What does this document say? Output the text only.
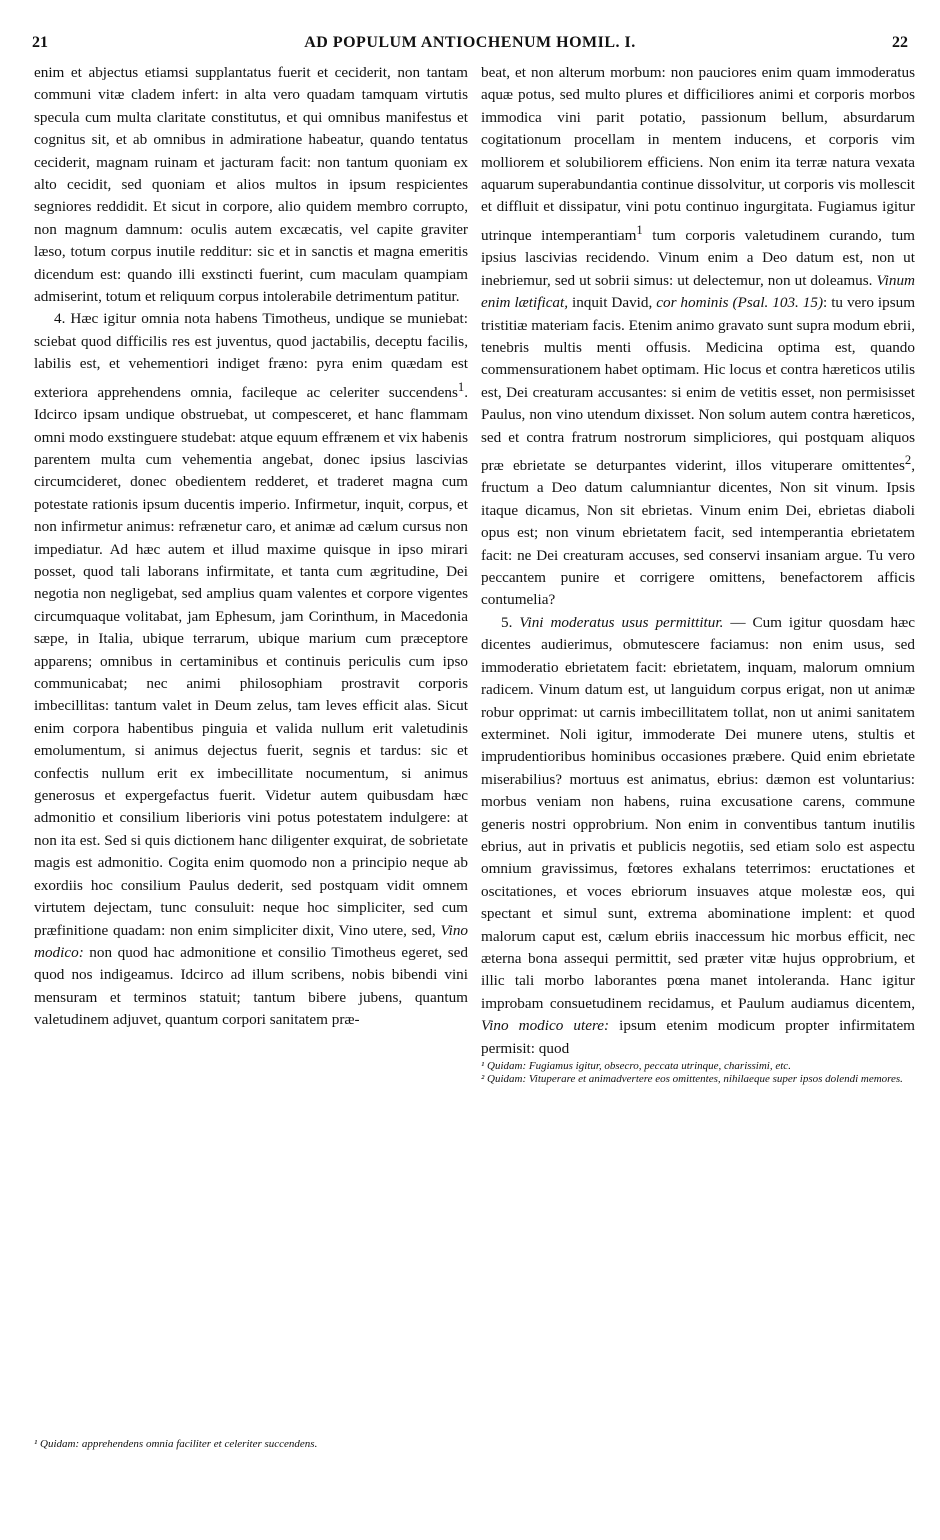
21	AD POPULUM ANTIOCHENUM HOMIL. I.	22

enim et abjectus etiamsi supplantatus fuerit et ceciderit, non tantam communi vitæ cladem infert: in alta vero quadam tamquam virtutis specula cum multa claritate constitutus, et qui omnibus manifestus et cognitus sit, et ab omnibus in admiratione habeatur, quando tentatus ceciderit, magnam ruinam et jacturam facit: non tantum quoniam ex alto cecidit, sed quoniam et alios multos in ipsum respicientes segniores reddidit. Et sicut in corpore, alio quidem membro corrupto, non magnum damnum: oculis autem excæcatis, vel capite graviter læso, totum corpus inutile redditur: sic et in sanctis et magna emeritis dicendum est: quando illi exstincti fuerint, cum maculam quampiam admiserint, totum et reliquum corpus intolerabile detrimentum patitur.

4. Hæc igitur omnia nota habens Timotheus, undique se muniebat: sciebat quod difficilis res est juventus, quod jactabilis, deceptu facilis, labilis est, et vehementiori indiget fræno: pyra enim quædam est exteriora apprehendens omnia, facileque ac celeriter succendens$^1$. Idcirco ipsam undique obstruebat, ut compesceret, et hanc flammam omni modo exstinguere studebat: atque equum effrænem et vix habenis parentem multa cum vehementia angebat, donec ipsius lascivias circumcideret, donec obedientem redderet, et traderet magna cum potestate rationis ipsum ducentis imperio. Infirmetur, inquit, corpus, et non infirmetur animus: refrænetur caro, et animæ ad cælum cursus non impediatur. Ad hæc autem et illud maxime quisque in ipso mirari posset, quod tali laborans infirmitate, et tanta cum ægritudine, Dei negotia non negligebat, sed amplius quam valentes et corpore vigentes circumquaque volitabat, jam Ephesum, jam Corinthum, in Macedonia sæpe, in Italia, ubique terrarum, ubique marium cum præceptore apparens; omnibus in certaminibus et continuis periculis cum ipso communicabat; nec animi philosophiam prostravit corporis imbecillitas: tantum valet in Deum zelus, tam leves efficit alas. Sicut enim corpora habentibus pinguia et valida nullum erit valetudinis emolumentum, si animus dejectus fuerit, segnis et tardus: sic et confectis nullum erit ex imbecillitate nocumentum, si animus generosus et expergefactus fuerit. Videtur autem quibusdam hæc admonitio et consilium liberioris vini potus potestatem indulgere: at non ita est. Sed si quis dictionem hanc diligenter exquirat, de sobrietate magis est admonitio. Cogita enim quomodo non a principio neque ab exordiis hoc consilium Paulus dederit, sed postquam vidit omnem virtutem dejectam, tunc consuluit: neque hoc simpliciter, sed cum præfinitione quadam: non enim simpliciter dixit, Vino utere, sed, Vino modico: non quod hac admonitione et consilio Timotheus egeret, sed quod nos indigeamus. Idcirco ad illum scribens, nobis bibendi vini mensuram et terminos statuit; tantum bibere jubens, quantum valetudinem adjuvet, quantum corpori sanitatem præ-

¹ Quidam: apprehendens omnia faciliter et celeriter succendens.

beat, et non alterum morbum: non pauciores enim quam immoderatus aquæ potus, sed multo plures et difficiliores animi et corporis morbos immodica vini parit potatio, passionum bellum, absurdarum cogitationum procellam in mentem inducens, et corporis vim molliorem et solubiliorem efficiens. Non enim ita terræ natura vexata aquarum superabundantia continue dissolvitur, ut corporis vis mollescit et diffluit et dissipatur, vini potu continuo ingurgitata. Fugiamus igitur utrinque intemperantiam$^1$ tum corporis valetudinem curando, tum ipsius lascivias recidendo. Vinum enim a Deo datum est, non ut inebriemur, sed ut sobrii simus: ut delectemur, non ut doleamus. Vinum enim lætificat, inquit David, cor hominis (Psal. 103. 15): tu vero ipsum tristitiæ materiam facis. Etenim animo gravato sunt supra modum ebrii, tenebris multis menti offusis. Medicina optima est, quando commensurationem habet optimam. Hic locus et contra hæreticos utilis est, Dei creaturam accusantes: si enim de vetitis esset, non permisisset Paulus, non vino utendum dixisset. Non solum autem contra hæreticos, sed et contra fratrum nostrorum simpliciores, qui postquam aliquos præ ebrietate se deturpantes viderint, illos vituperare omittentes$^2$, fructum a Deo datum calumniantur dicentes, Non sit vinum. Ipsis itaque dicamus, Non sit ebrietas. Vinum enim Dei, ebrietas diaboli opus est; non vinum ebrietatem facit, sed intemperantia ebrietatem facit: ne Dei creaturam accuses, sed conservi insaniam argue. Tu vero peccantem punire et corrigere omittens, benefactorem afficis contumelia?

5. Vini moderatus usus permittitur. — Cum igitur quosdam hæc dicentes audierimus, obmutescere faciamus: non enim usus, sed immoderatio ebrietatem facit: ebrietatem, inquam, malorum omnium radicem. Vinum datum est, ut languidum corpus erigat, non ut animæ robur opprimat: ut carnis imbecillitatem tollat, non ut animi sanitatem exterminet. Noli igitur, immoderate Dei munere utens, stultis et imprudentioribus hominibus occasiones præbere. Quid enim ebrietate miserabilius? mortuus est animatus, ebrius: dæmon est voluntarius: morbus veniam non habens, ruina excusatione carens, commune generis nostri opprobrium. Non enim in conventibus tantum inutilis ebrius, aut in privatis et publicis negotiis, sed etiam solo est aspectu omnium gravissimus, fœtores exhalans teterrimos: eructationes et oscitationes, et voces ebriorum insuaves atque molestæ eos, qui spectant et simul sunt, extrema abominatione implent: et quod malorum caput est, cælum ebriis inaccessum hic morbus efficit, nec æterna bona assequi permittit, sed præter vitæ hujus opprobrium, et illic tali morbo laborantes pœna manet intoleranda. Hanc igitur improbam consuetudinem recidamus, et Paulum audiamus dicentem, Vino modico utere: ipsum etenim modicum propter infirmitatem permisit: quod

¹ Quidam: Fugiamus igitur, obsecro, peccata utrinque, charissimi, etc.

² Quidam: Vituperare et animadvertere eos omittentes, nihilaeque super ipsos dolendi memores.
